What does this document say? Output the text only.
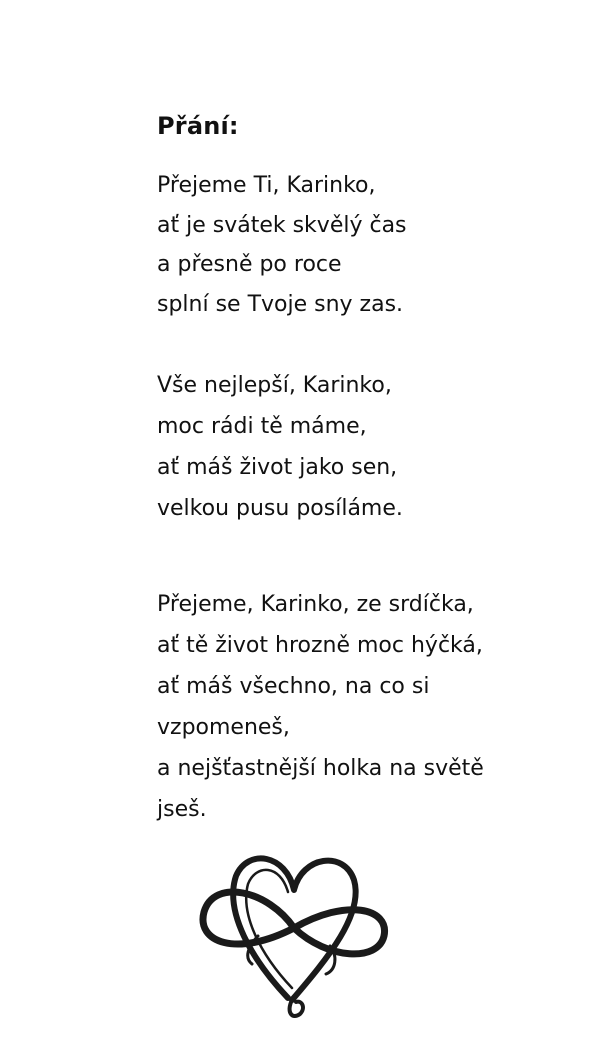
Přání:
Přejeme Ti, Karinko,
ať je svátek skvělý čas
a přesně po roce
splní se Tvoje sny zas.
Vše nejlepší, Karinko,
moc rádi tě máme,
ať máš život jako sen,
velkou pusu posíláme.
Přejeme, Karinko, ze srdíčka,
ať tě život hrozně moc hýčká,
ať máš všechno, na co si
vzpomeneš,
a nejšťastnější holka na světě
jseš.
